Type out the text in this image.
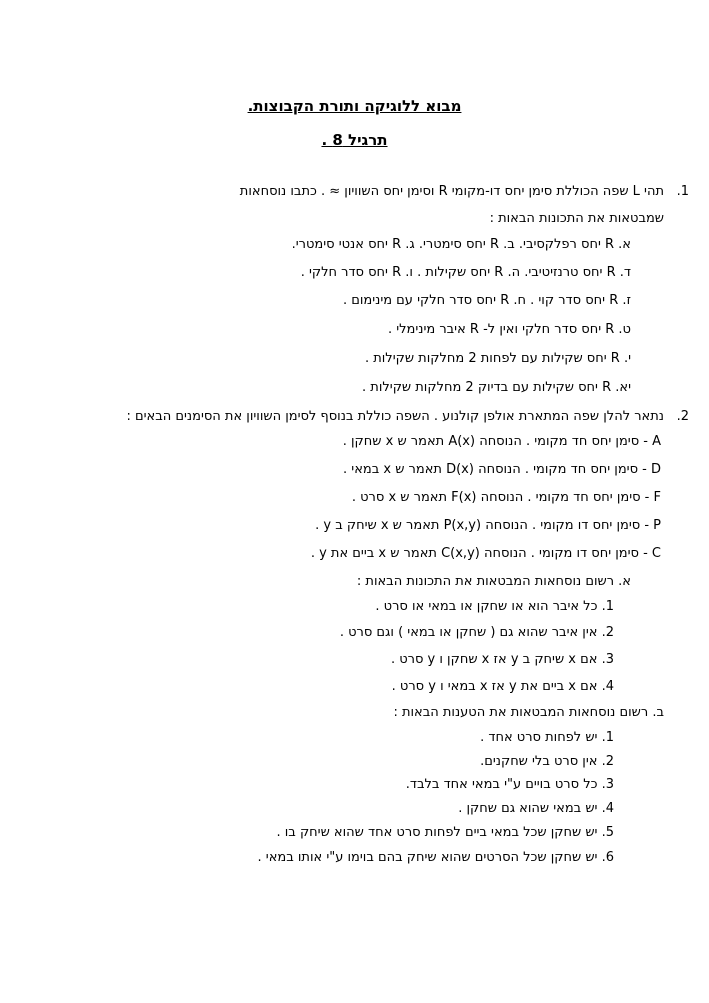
מבוא ללוגיקה ותורת הקבוצות.
תרגיל 8 .
1.
תהי L שפה הכוללת סימן יחס דו-מקומי R וסימן יחס השוויון ≈ . כתבו נוסחאות
שמבטאות את התכונות הבאות :
א. R יחס רפלקסיבי. ב. R יחס סימטרי. ג. R יחס אנטי סימטרי.
ד. R יחס טרנזיטיבי. ה. R יחס שקילות . ו. R יחס סדר חלקי .
ז. R יחס סדר קוי . ח. R יחס סדר חלקי עם מינימום .
ט. R יחס סדר חלקי ואין ל- R איבר מינימלי .
י. R יחס שקילות עם לפחות 2 מחלקות שקילות .
יא. R יחס שקילות עם בדיוק 2 מחלקות שקילות .
2.
נתאר להלן שפה המתארת אולפן קולנוע . השפה כוללת בנוסף לסימן השוויון את הסימנים הבאים :
A - סימן יחס חד מקומי . הנוסחה A(x) תאמר ש x שחקן .
D - סימן יחס חד מקומי . הנוסחה D(x) תאמר ש x במאי .
F - סימן יחס חד מקומי . הנוסחה F(x) תאמר ש x סרט .
P - סימן יחס דו מקומי . הנוסחה P(x,y) תאמר ש x שיחק ב y .
C - סימן יחס דו מקומי . הנוסחה C(x,y) תאמר ש x ביים את y .
א. רשום נוסחאות המבטאות את התכונות הבאות :
1. כל איבר הוא או שחקן או במאי או סרט .
2. אין איבר שהוא גם ( שחקן או במאי ) וגם סרט .
3. אם x שיחק ב y אז x שחקן ו y סרט .
4. אם x ביים את y אז x במאי ו y סרט .
ב. רשום נוסחאות המבטאות את הטענות הבאות :
1. יש לפחות סרט אחד .
2. אין סרט בלי שחקנים.
3. כל סרט בויים ע"י במאי אחד בלבד.
4. יש במאי שהוא גם שחקן .
5. יש שחקן שכל במאי ביים לפחות סרט אחד שהוא שיחק בו .
6. יש שחקן שכל הסרטים שהוא שיחק בהם בוימו ע"י אותו במאי .
